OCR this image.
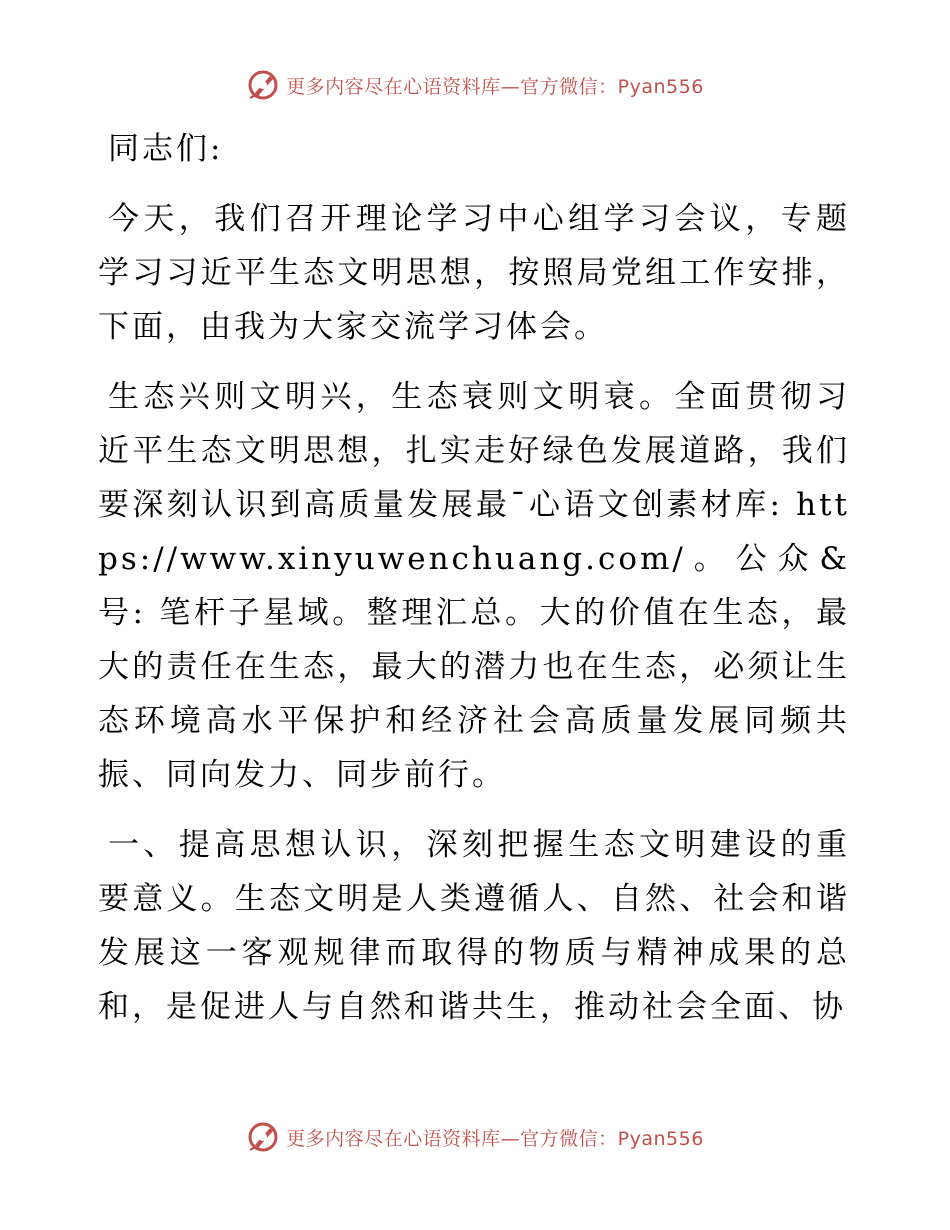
更多内容尽在心语资料库—官方微信：Pyan556

同志们:

今天，我们召开理论学习中心组学习会议，专题学习习近平生态文明思想，按照局党组工作安排，下面，由我为大家交流学习体会。

生态兴则文明兴，生态衰则文明衰。全面贯彻习近平生态文明思想，扎实走好绿色发展道路，我们要深刻认识到高质量发展最¯心语文创素材库: https://www.xinyuwenchuang.com/。公众&号: 笔杆子星域。整理汇总。大的价值在生态，最大的责任在生态，最大的潜力也在生态，必须让生态环境高水平保护和经济社会高质量发展同频共振、同向发力、同步前行。

一、提高思想认识，深刻把握生态文明建设的重要意义。生态文明是人类遵循人、自然、社会和谐发展这一客观规律而取得的物质与精神成果的总和，是促进人与自然和谐共生，推动社会全面、协

更多内容尽在心语资料库—官方微信：Pyan556
